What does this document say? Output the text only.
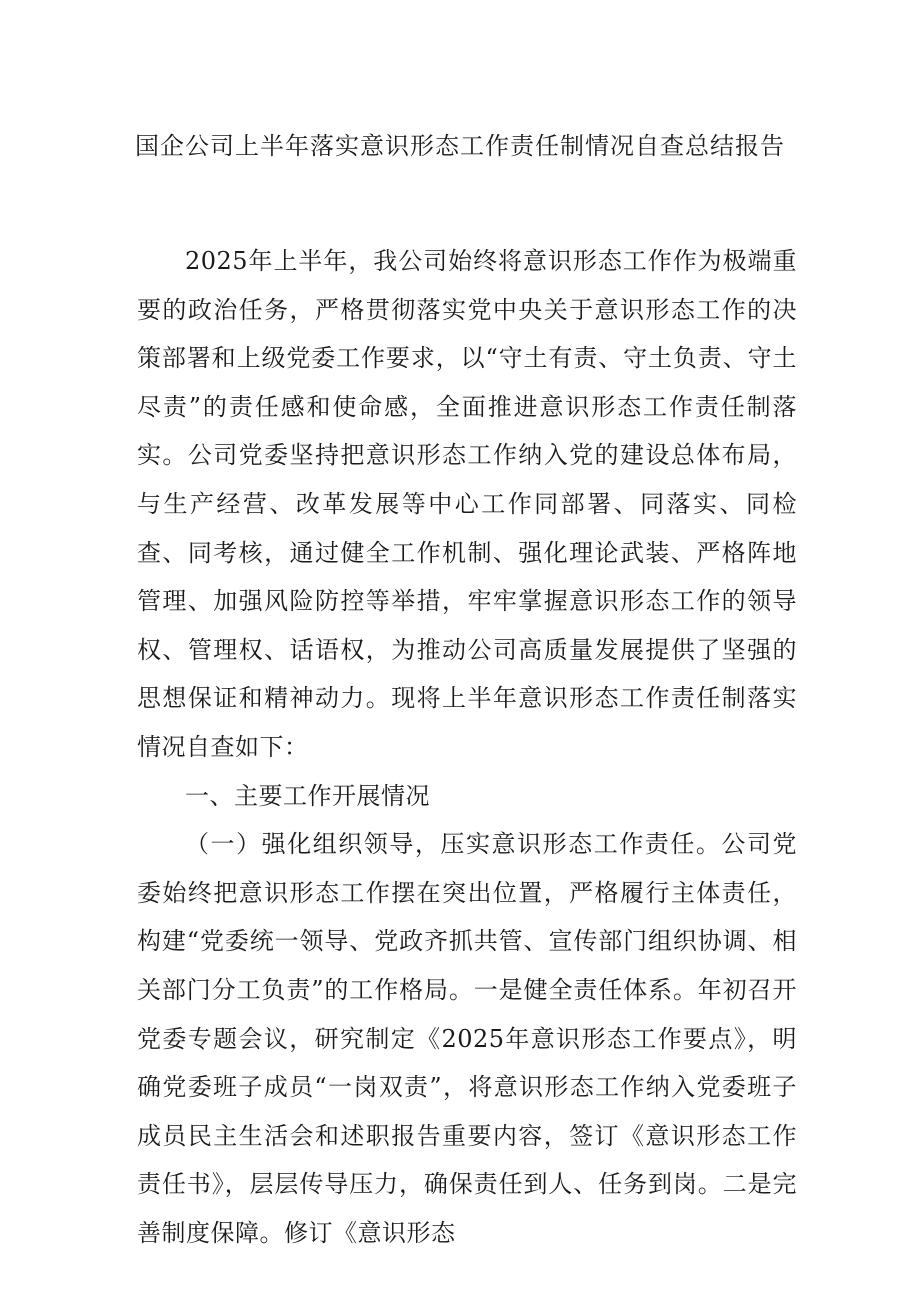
国企公司上半年落实意识形态工作责任制情况自查总结报告

2025年上半年，我公司始终将意识形态工作作为极端重要的政治任务，严格贯彻落实党中央关于意识形态工作的决策部署和上级党委工作要求，以“守土有责、守土负责、守土尽责”的责任感和使命感，全面推进意识形态工作责任制落实。公司党委坚持把意识形态工作纳入党的建设总体布局，与生产经营、改革发展等中心工作同部署、同落实、同检查、同考核，通过健全工作机制、强化理论武装、严格阵地管理、加强风险防控等举措，牢牢掌握意识形态工作的领导权、管理权、话语权，为推动公司高质量发展提供了坚强的思想保证和精神动力。现将上半年意识形态工作责任制落实情况自查如下：

一、主要工作开展情况

（一）强化组织领导，压实意识形态工作责任。公司党委始终把意识形态工作摆在突出位置，严格履行主体责任，构建“党委统一领导、党政齐抓共管、宣传部门组织协调、相关部门分工负责”的工作格局。一是健全责任体系。年初召开党委专题会议，研究制定《2025年意识形态工作要点》，明确党委班子成员“一岗双责”，将意识形态工作纳入党委班子成员民主生活会和述职报告重要内容，签订《意识形态工作责任书》，层层传导压力，确保责任到人、任务到岗。二是完善制度保障。修订《意识形态
